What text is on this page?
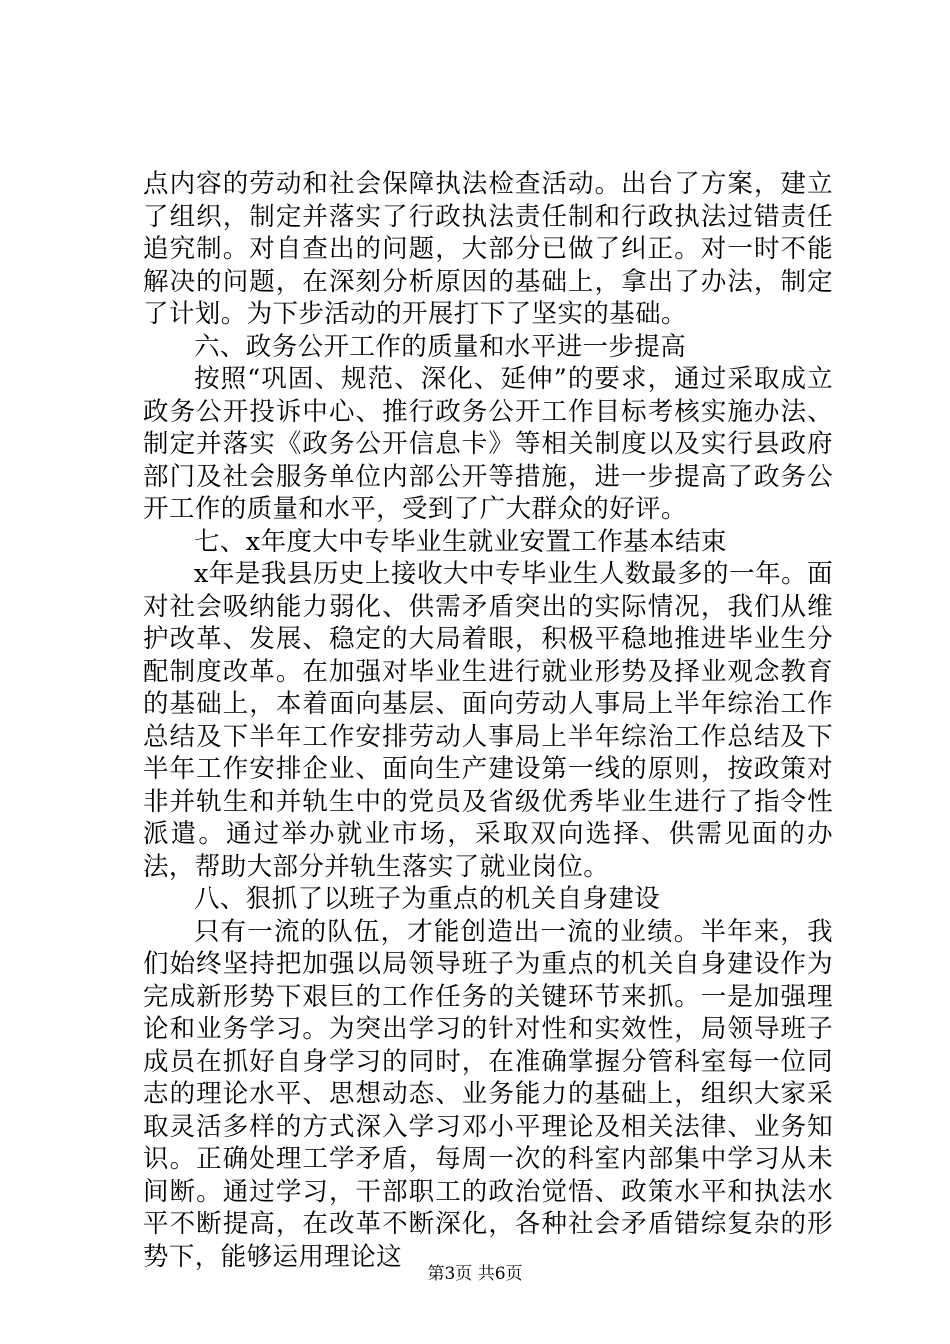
点内容的劳动和社会保障执法检查活动。出台了方案，建立了组织，制定并落实了行政执法责任制和行政执法过错责任追究制。对自查出的问题，大部分已做了纠正。对一时不能解决的问题，在深刻分析原因的基础上，拿出了办法，制定了计划。为下步活动的开展打下了坚实的基础。

六、政务公开工作的质量和水平进一步提高

按照“巩固、规范、深化、延伸”的要求，通过采取成立政务公开投诉中心、推行政务公开工作目标考核实施办法、制定并落实《政务公开信息卡》等相关制度以及实行县政府部门及社会服务单位内部公开等措施，进一步提高了政务公开工作的质量和水平，受到了广大群众的好评。

七、x年度大中专毕业生就业安置工作基本结束

x年是我县历史上接收大中专毕业生人数最多的一年。面对社会吸纳能力弱化、供需矛盾突出的实际情况，我们从维护改革、发展、稳定的大局着眼，积极平稳地推进毕业生分配制度改革。在加强对毕业生进行就业形势及择业观念教育的基础上，本着面向基层、面向劳动人事局上半年综治工作总结及下半年工作安排劳动人事局上半年综治工作总结及下半年工作安排企业、面向生产建设第一线的原则，按政策对非并轨生和并轨生中的党员及省级优秀毕业生进行了指令性派遣。通过举办就业市场，采取双向选择、供需见面的办法，帮助大部分并轨生落实了就业岗位。

八、狠抓了以班子为重点的机关自身建设

只有一流的队伍，才能创造出一流的业绩。半年来，我们始终坚持把加强以局领导班子为重点的机关自身建设作为完成新形势下艰巨的工作任务的关键环节来抓。一是加强理论和业务学习。为突出学习的针对性和实效性，局领导班子成员在抓好自身学习的同时，在准确掌握分管科室每一位同志的理论水平、思想动态、业务能力的基础上，组织大家采取灵活多样的方式深入学习邓小平理论及相关法律、业务知识。正确处理工学矛盾，每周一次的科室内部集中学习从未间断。通过学习，干部职工的政治觉悟、政策水平和执法水平不断提高，在改革不断深化，各种社会矛盾错综复杂的形势下，能够运用理论这

第3页 共6页
